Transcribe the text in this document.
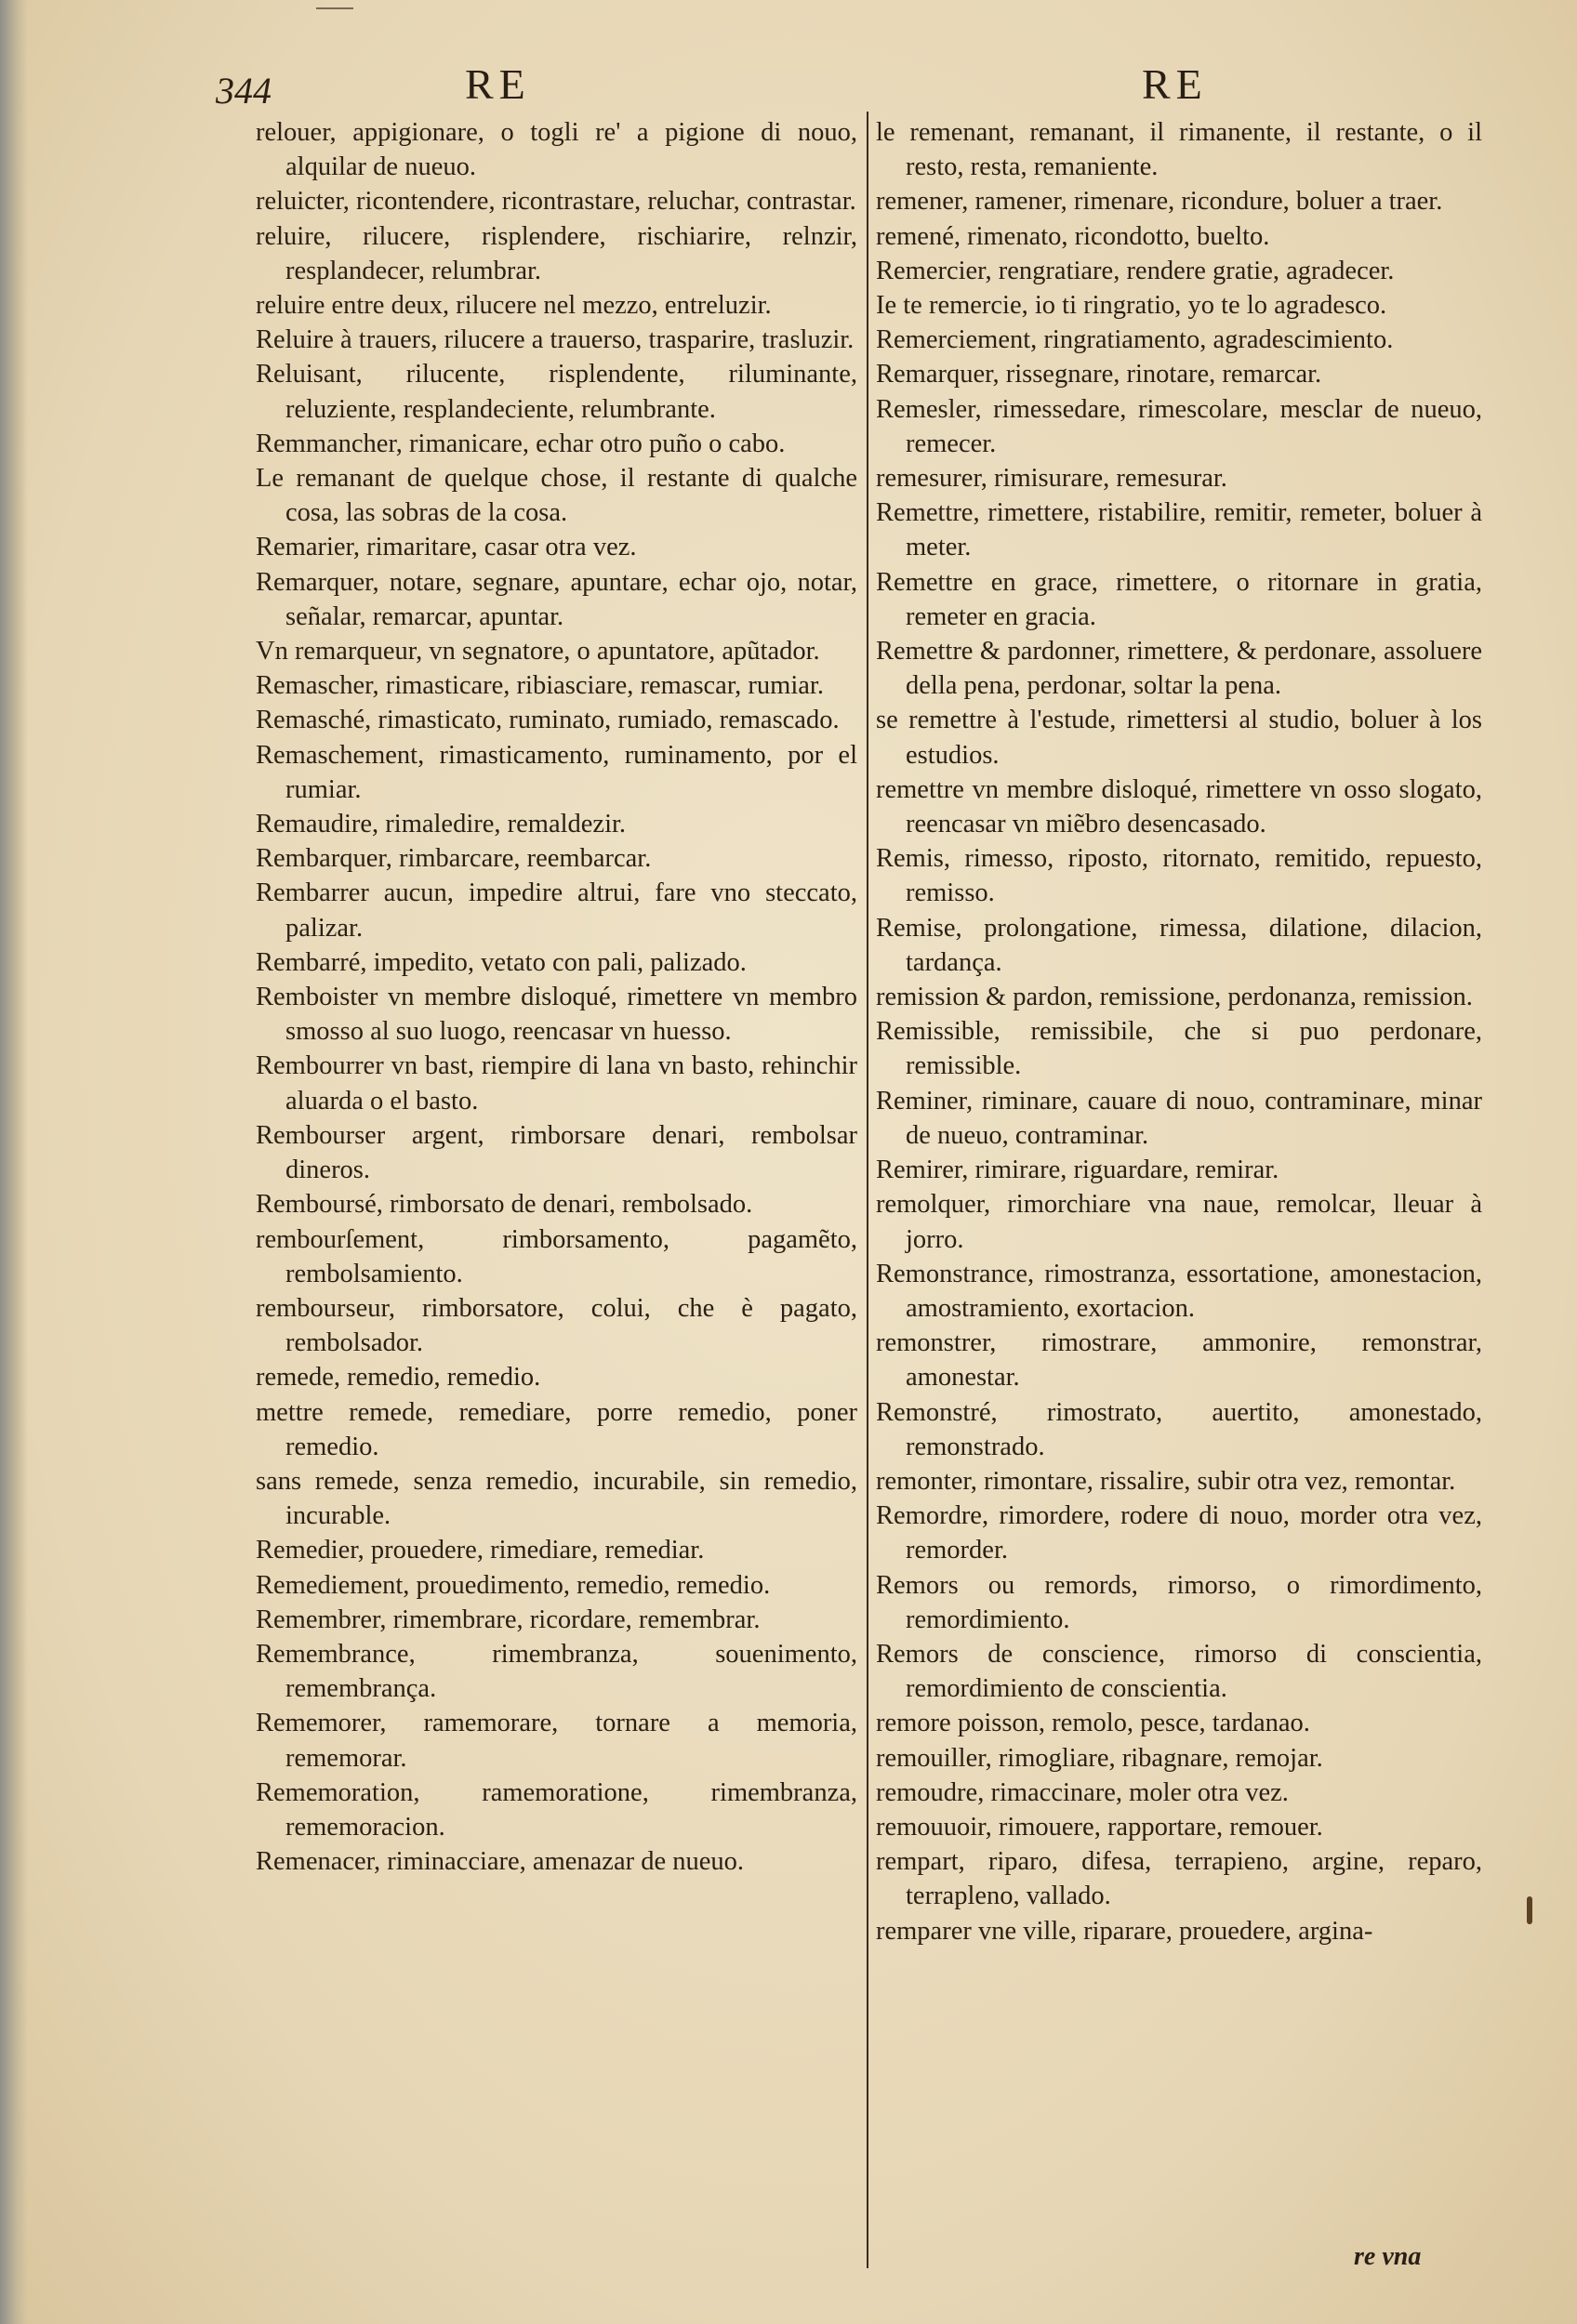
344	RE	RE

relouer, appigionare, o togli re' a pigione di nouo, alquilar de nueuo.

reluicter, ricontendere, ricontrastare, reluchar, contrastar.

reluire, rilucere, risplendere, rischiarire, relnzir, resplandecer, relumbrar.

reluire entre deux, rilucere nel mezzo, entreluzir.

Reluire à trauers, rilucere a trauerso, trasparire, trasluzir.

Reluisant, rilucente, risplendente, riluminante, reluziente, resplandeciente, relumbrante.

Remmancher, rimanicare, echar otro puño o cabo.

Le remanant de quelque chose, il restante di qualche cosa, las sobras de la cosa.

Remarier, rimaritare, casar otra vez.

Remarquer, notare, segnare, apuntare, echar ojo, notar, señalar, remarcar, apuntar.

Vn remarqueur, vn segnatore, o apuntatore, apũtador.

Remascher, rimasticare, ribiasciare, remascar, rumiar.

Remasché, rimasticato, ruminato, rumiado, remascado.

Remaschement, rimasticamento, ruminamento, por el rumiar.

Remaudire, rimaledire, remaldezir.

Rembarquer, rimbarcare, reembarcar.

Rembarrer aucun, impedire altrui, fare vno steccato, palizar.

Rembarré, impedito, vetato con pali, palizado.

Remboister vn membre disloqué, rimettere vn membro smosso al suo luogo, reencasar vn huesso.

Rembourrer vn bast, riempire di lana vn basto, rehinchir aluarda o el basto.

Rembourser argent, rimborsare denari, rembolsar dineros.

Remboursé, rimborsato de denari, rembolsado.

rembourſement, rimborsamento, pagamẽto, rembolsamiento.

rembourseur, rimborsatore, colui, che è pagato, rembolsador.

remede, remedio, remedio.

mettre remede, remediare, porre remedio, poner remedio.

sans remede, senza remedio, incurabile, sin remedio, incurable.

Remedier, prouedere, rimediare, remediar.

Remediement, prouedimento, remedio, remedio.

Remembrer, rimembrare, ricordare, remembrar.

Remembrance, rimembranza, souenimento, remembrança.

Rememorer, ramemorare, tornare a memoria, rememorar.

Rememoration, ramemoratione, rimembranza, rememoracion.

Remenacer, riminacciare, amenazar de nueuo.

le remenant, remanant, il rimanente, il restante, o il resto, resta, remaniente.

remener, ramener, rimenare, ricondure, boluer a traer.

remené, rimenato, ricondotto, buelto.

Remercier, rengratiare, rendere gratie, agradecer.

Ie te remercie, io ti ringratio, yo te lo agradesco.

Remerciement, ringratiamento, agradescimiento.

Remarquer, rissegnare, rinotare, remarcar.

Remesler, rimessedare, rimescolare, mesclar de nueuo, remecer.

remesurer, rimisurare, remesurar.

Remettre, rimettere, ristabilire, remitir, remeter, boluer à meter.

Remettre en grace, rimettere, o ritornare in gratia, remeter en gracia.

Remettre & pardonner, rimettere, & perdonare, assoluere della pena, perdonar, soltar la pena.

se remettre à l'estude, rimettersi al studio, boluer à los estudios.

remettre vn membre disloqué, rimettere vn osso slogato, reencasar vn miẽbro desencasado.

Remis, rimesso, riposto, ritornato, remitido, repuesto, remisso.

Remise, prolongatione, rimessa, dilatione, dilacion, tardança.

remission & pardon, remissione, perdonanza, remission.

Remissible, remissibile, che si puo perdonare, remissible.

Reminer, riminare, cauare di nouo, contraminare, minar de nueuo, contraminar.

Remirer, rimirare, riguardare, remirar.

remolquer, rimorchiare vna naue, remolcar, lleuar à jorro.

Remonstrance, rimostranza, essortatione, amonestacion, amostramiento, exortacion.

remonstrer, rimostrare, ammonire, remonstrar, amonestar.

Remonstré, rimostrato, auertito, amonestado, remonstrado.

remonter, rimontare, rissalire, subir otra vez, remontar.

Remordre, rimordere, rodere di nouo, morder otra vez, remorder.

Remors ou remords, rimorso, o rimordimento, remordimiento.

Remors de conscience, rimorso di conscientia, remordimiento de conscientia.

remore poisson, remolo, pesce, tardanao.

remouiller, rimogliare, ribagnare, remojar.

remoudre, rimaccinare, moler otra vez.

remouuoir, rimouere, rapportare, remouer.

rempart, riparo, difesa, terrapieno, argine, reparo, terrapleno, vallado.

remparer vne ville, riparare, prouedere, argina-

re vna
